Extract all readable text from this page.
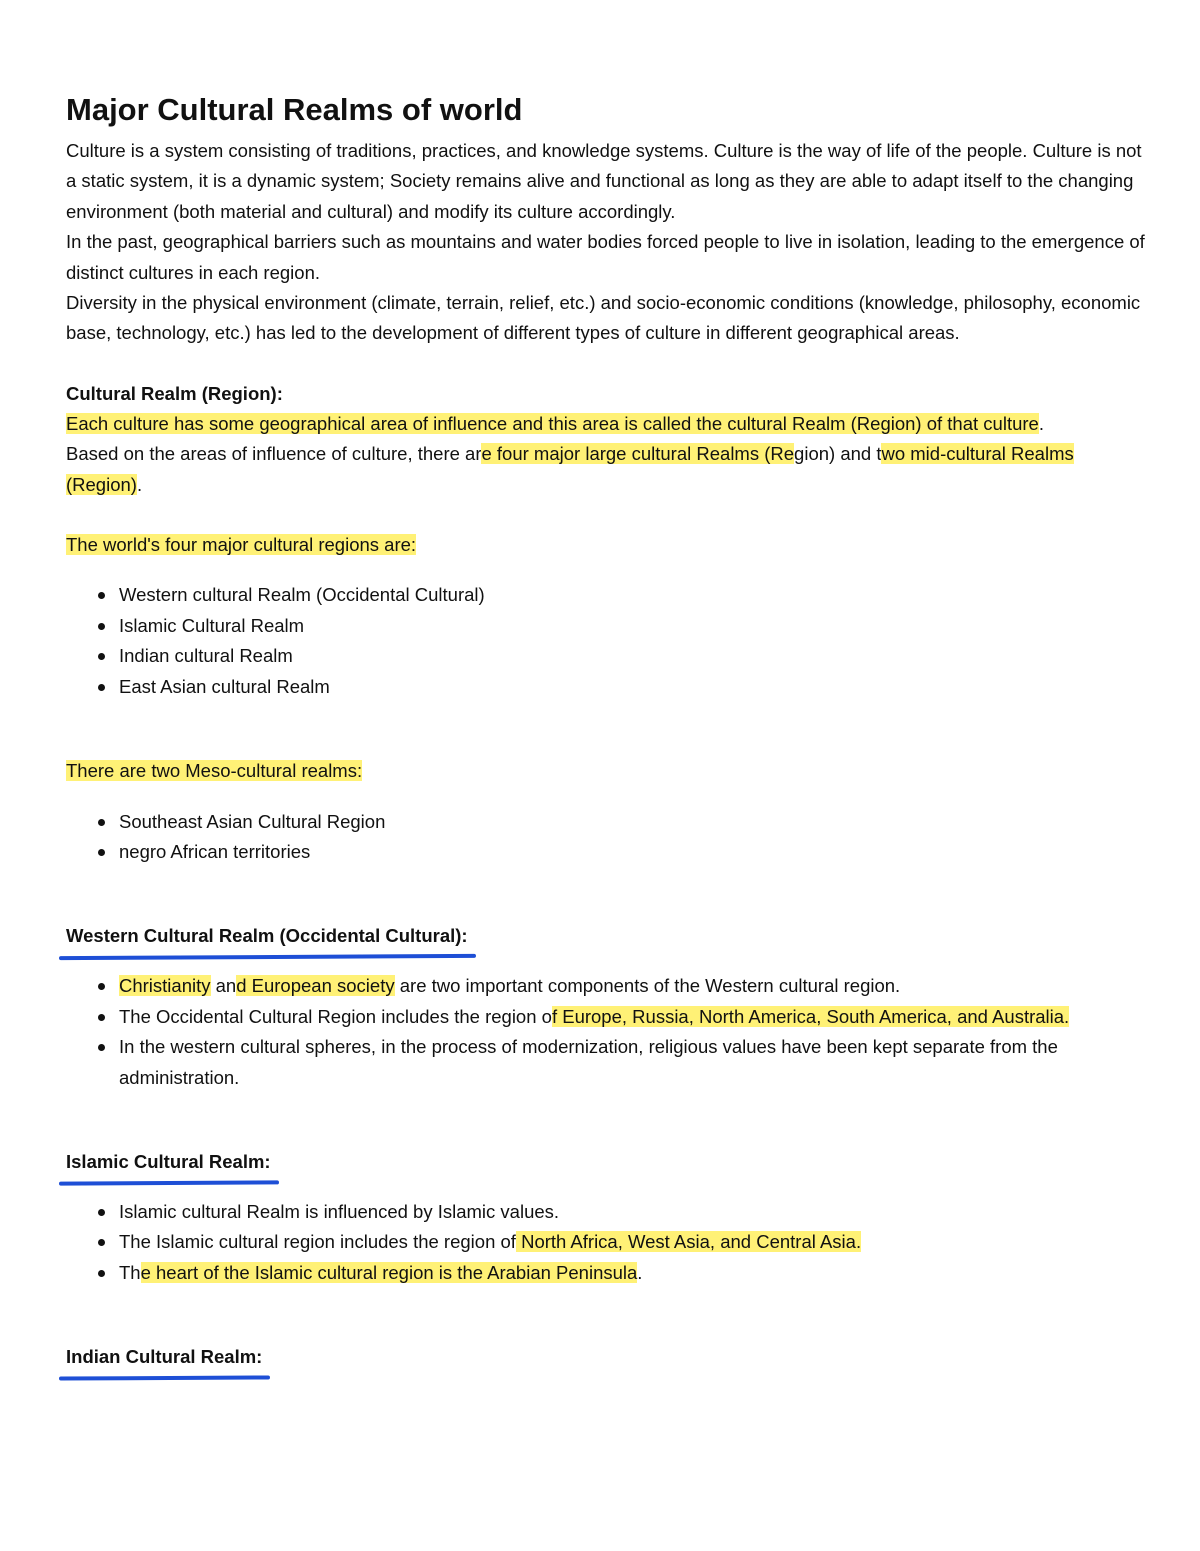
Major Cultural Realms of world

Culture is a system consisting of traditions, practices, and knowledge systems. Culture is the way of life of the people. Culture is not a static system, it is a dynamic system; Society remains alive and functional as long as they are able to adapt itself to the changing environment (both material and cultural) and modify its culture accordingly.

In the past, geographical barriers such as mountains and water bodies forced people to live in isolation, leading to the emergence of distinct cultures in each region.

Diversity in the physical environment (climate, terrain, relief, etc.) and socio-economic conditions (knowledge, philosophy, economic base, technology, etc.) has led to the development of different types of culture in different geographical areas.

Cultural Realm (Region):

Each culture has some geographical area of influence and this area is called the cultural Realm (Region) of that culture.

Based on the areas of influence of culture, there are four major large cultural Realms (Region) and two mid-cultural Realms (Region).

The world's four major cultural regions are:

Western cultural Realm (Occidental Cultural)
Islamic Cultural Realm
Indian cultural Realm
East Asian cultural Realm

There are two Meso-cultural realms:

Southeast Asian Cultural Region
negro African territories
Western Cultural Realm (Occidental Cultural):
Christianity and European society are two important components of the Western cultural region.
The Occidental Cultural Region includes the region of Europe, Russia, North America, South America, and Australia.
In the western cultural spheres, in the process of modernization, religious values have been kept separate from the administration.
Islamic Cultural Realm:
Islamic cultural Realm is influenced by Islamic values.
The Islamic cultural region includes the region of North Africa, West Asia, and Central Asia.
The heart of the Islamic cultural region is the Arabian Peninsula.
Indian Cultural Realm:
